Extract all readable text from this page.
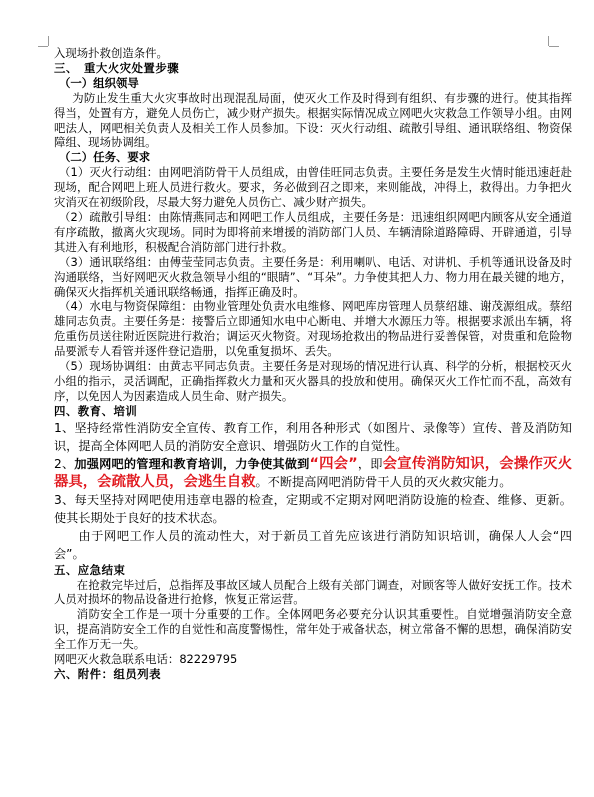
入现场扑救创造条件。

三、　重大火灾处置步骤

（一）组织领导

为防止发生重大火灾事故时出现混乱局面，使灭火工作及时得到有组织、有步骤的进行。使其指挥得当，处置有方，避免人员伤亡，减少财产损失。根据实际情况成立网吧火灾救急工作领导小组。由网吧法人，网吧相关负责人及相关工作人员参加。下设：灭火行动组、疏散引导组、通讯联络组、物资保障组、现场协调组。

（二）任务、要求

（1）灭火行动组：由网吧消防骨干人员组成，由曾佳旺同志负责。主要任务是发生火情时能迅速赶赴现场，配合网吧上班人员进行救火。要求，务必做到召之即来，来则能战，冲得上，救得出。力争把火灾消灭在初级阶段，尽最大努力避免人员伤亡、减少财产损失。

（2）疏散引导组：由陈情燕同志和网吧工作人员组成，主要任务是：迅速组织网吧内顾客从安全通道有序疏散，撤离火灾现场。同时为即将前来增援的消防部门人员、车辆清除道路障碍、开辟通道，引导其进入有利地形，积极配合消防部门进行扑救。

（3）通讯联络组：由傅莹莹同志负责。主要任务是：利用喇叭、电话、对讲机、手机等通讯设备及时沟通联络，当好网吧灭火救急领导小组的“眼睛”、“耳朵”。力争使其把人力、物力用在最关键的地方，确保灭火指挥机关通讯联络畅通，指挥正确及时。

（4）水电与物资保障组：由物业管理处负责水电维修、网吧库房管理人员蔡绍雄、谢茂源组成。蔡绍雄同志负责。主要任务是：接警后立即通知水电中心断电、并增大水源压力等。根据要求派出车辆，将危重伤员送往附近医院进行救治；调运灭火物资。对现场抢救出的物品进行妥善保管，对贵重和危险物品要派专人看管并逐件登记造册，以免重复损坏、丢失。

（5）现场协调组：由黄志平同志负责。主要任务是对现场的情况进行认真、科学的分析，根据校灭火小组的指示，灵活调配，正确指挥救火力量和灭火器具的投放和使用。确保灭火工作忙而不乱，高效有序，以免因人为因素造成人员生命、财产损失。

四、教育、培训

1、坚持经常性消防安全宣传、教育工作，利用各种形式（如图片、录像等）宣传、普及消防知识，提高全体网吧人员的消防安全意识、增强防火工作的自觉性。

2、加强网吧的管理和教育培训，力争使其做到“四会”，即会宣传消防知识，会操作灭火器具，会疏散人员，会逃生自救。不断提高网吧消防骨干人员的灭火救灾能力。

3、每天坚持对网吧使用违章电器的检查，定期或不定期对网吧消防设施的检查、维修、更新。使其长期处于良好的技术状态。

由于网吧工作人员的流动性大，对于新员工首先应该进行消防知识培训，确保人人会“四会”。

五、应急结束

在抢救完毕过后，总指挥及事故区域人员配合上级有关部门调查，对顾客等人做好安抚工作。技术人员对损坏的物品设备进行抢修，恢复正常运营。

消防安全工作是一项十分重要的工作。全体网吧务必要充分认识其重要性。自觉增强消防安全意识，提高消防安全工作的自觉性和高度警惕性，常年处于戒备状态，树立常备不懈的思想，确保消防安全工作万无一失。

网吧灭火救急联系电话：82229795

六、附件：组员列表
